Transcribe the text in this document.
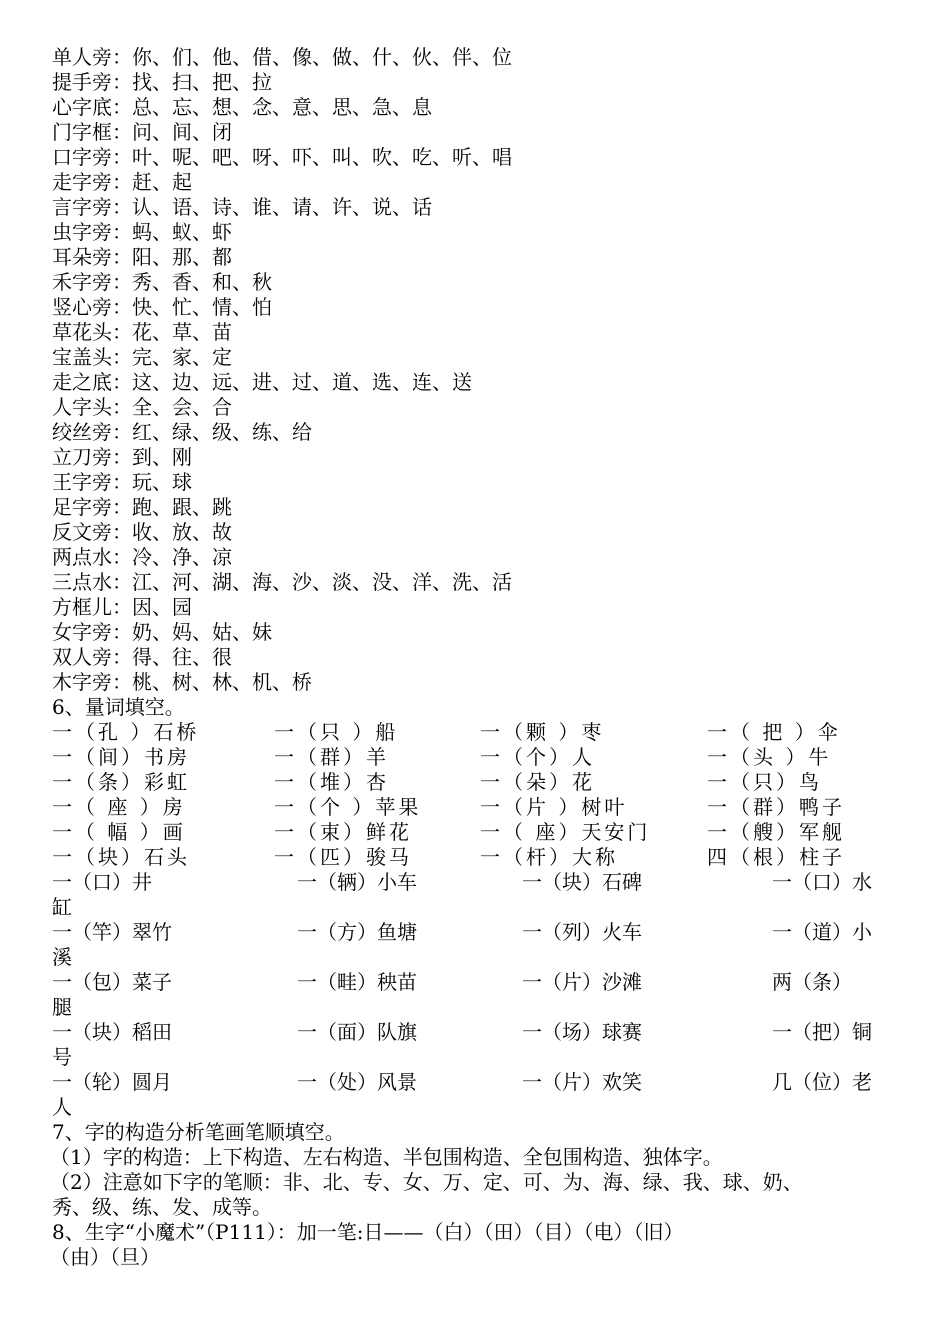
单人旁：你、们、他、借、像、做、什、伙、伴、位
提手旁：找、扫、把、拉
心字底：总、忘、想、念、意、思、急、息
门字框：问、间、闭
口字旁：叶、呢、吧、呀、吓、叫、吹、吃、听、唱
走字旁：赶、起
言字旁：认、语、诗、谁、请、许、说、话
虫字旁：蚂、蚁、虾
耳朵旁：阳、那、都
禾字旁：秀、香、和、秋
竖心旁：快、忙、情、怕
草花头：花、草、苗
宝盖头：完、家、定
走之底：这、边、远、进、过、道、选、连、送
人字头：全、会、合
绞丝旁：红、绿、级、练、给
立刀旁：到、刚
王字旁：玩、球
足字旁：跑、跟、跳
反文旁：收、放、故
两点水：冷、净、凉
三点水：江、河、湖、海、沙、淡、没、洋、洗、活
方框儿：因、园
女字旁：奶、妈、姑、妹
双人旁：得、往、很
木字旁：桃、树、林、机、桥
6、量词填空。
一（孔 ）石桥	一（只 ）船	一（颗 ）枣	一（ 把 ）伞
一（间）书房	一（群）羊	一（个）人	一（头 ）牛
一（条）彩虹	一（堆）杏	一（朵）花	一（只）鸟
一（ 座 ）房	一（个 ）苹果	一（片 ）树叶	一（群）鸭子
一（ 幅 ）画	一（束）鲜花	一（ 座）天安门	一（艘）军舰
一（块）石头	一（匹）骏马	一（杆）大称	四（根）柱子
一（口）井	一（辆）小车	一（块）石碑	一（口）水
缸
一（竿）翠竹	一（方）鱼塘	一（列）火车	一（道）小
溪
一（包）菜子	一（畦）秧苗	一（片）沙滩	两（条）
腿
一（块）稻田	一（面）队旗	一（场）球赛	一（把）铜
号
一（轮）圆月	一（处）风景	一（片）欢笑	几（位）老
人
7、字的构造分析笔画笔顺填空。
（1）字的构造：上下构造、左右构造、半包围构造、全包围构造、独体字。
（2）注意如下字的笔顺：非、北、专、女、万、定、可、为、海、绿、我、球、奶、
秀、级、练、发、成等。
8、生字“小魔术”（P111）：加一笔:日——（白）（田）（目）（电）（旧）
（由）（旦）
